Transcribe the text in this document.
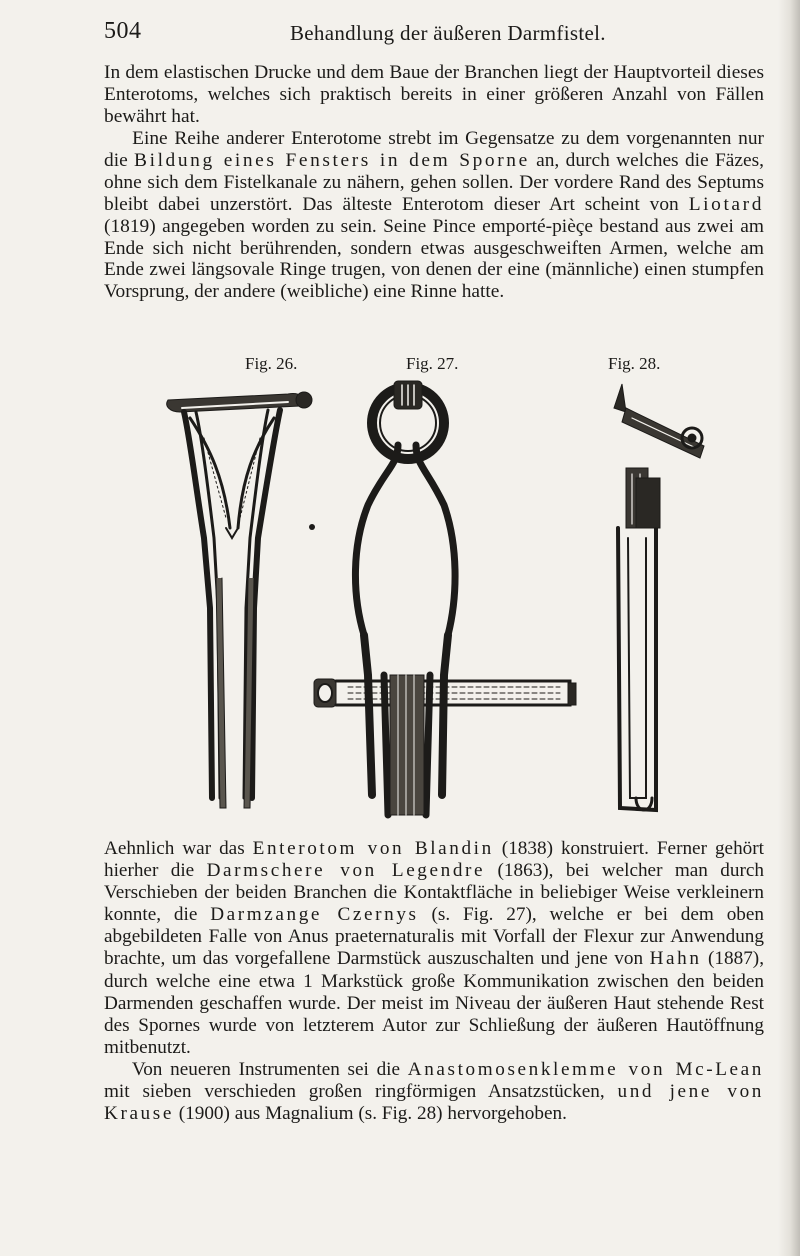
504	Behandlung der äußeren Darmfistel.

In dem elastischen Drucke und dem Baue der Branchen liegt der Hauptvorteil dieses Enterotoms, welches sich praktisch bereits in einer größeren Anzahl von Fällen bewährt hat.

Eine Reihe anderer Enterotome strebt im Gegensatze zu dem vorgenannten nur die Bildung eines Fensters in dem Sporne an, durch welches die Fäzes, ohne sich dem Fistelkanale zu nähern, gehen sollen. Der vordere Rand des Septums bleibt dabei unzerstört. Das älteste Enterotom dieser Art scheint von Liotard (1819) angegeben worden zu sein. Seine Pince emporté-pièçe bestand aus zwei am Ende sich nicht berührenden, sondern etwas ausgeschweiften Armen, welche am Ende zwei längsovale Ringe trugen, von denen der eine (männliche) einen stumpfen Vorsprung, der andere (weibliche) eine Rinne hatte.

Fig. 26.	Fig. 27.	Fig. 28.

Aehnlich war das Enterotom von Blandin (1838) konstruiert. Ferner gehört hierher die Darmschere von Legendre (1863), bei welcher man durch Verschieben der beiden Branchen die Kontaktfläche in beliebiger Weise verkleinern konnte, die Darmzange Czernys (s. Fig. 27), welche er bei dem oben abgebildeten Falle von Anus praeternaturalis mit Vorfall der Flexur zur Anwendung brachte, um das vorgefallene Darmstück auszuschalten und jene von Hahn (1887), durch welche eine etwa 1 Markstück große Kommunikation zwischen den beiden Darmenden geschaffen wurde. Der meist im Niveau der äußeren Haut stehende Rest des Spornes wurde von letzterem Autor zur Schließung der äußeren Hautöffnung mitbenutzt.

Von neueren Instrumenten sei die Anastomosenklemme von Mc-Lean mit sieben verschieden großen ringförmigen Ansatzstücken, und jene von Krause (1900) aus Magnalium (s. Fig. 28) hervorgehoben.
